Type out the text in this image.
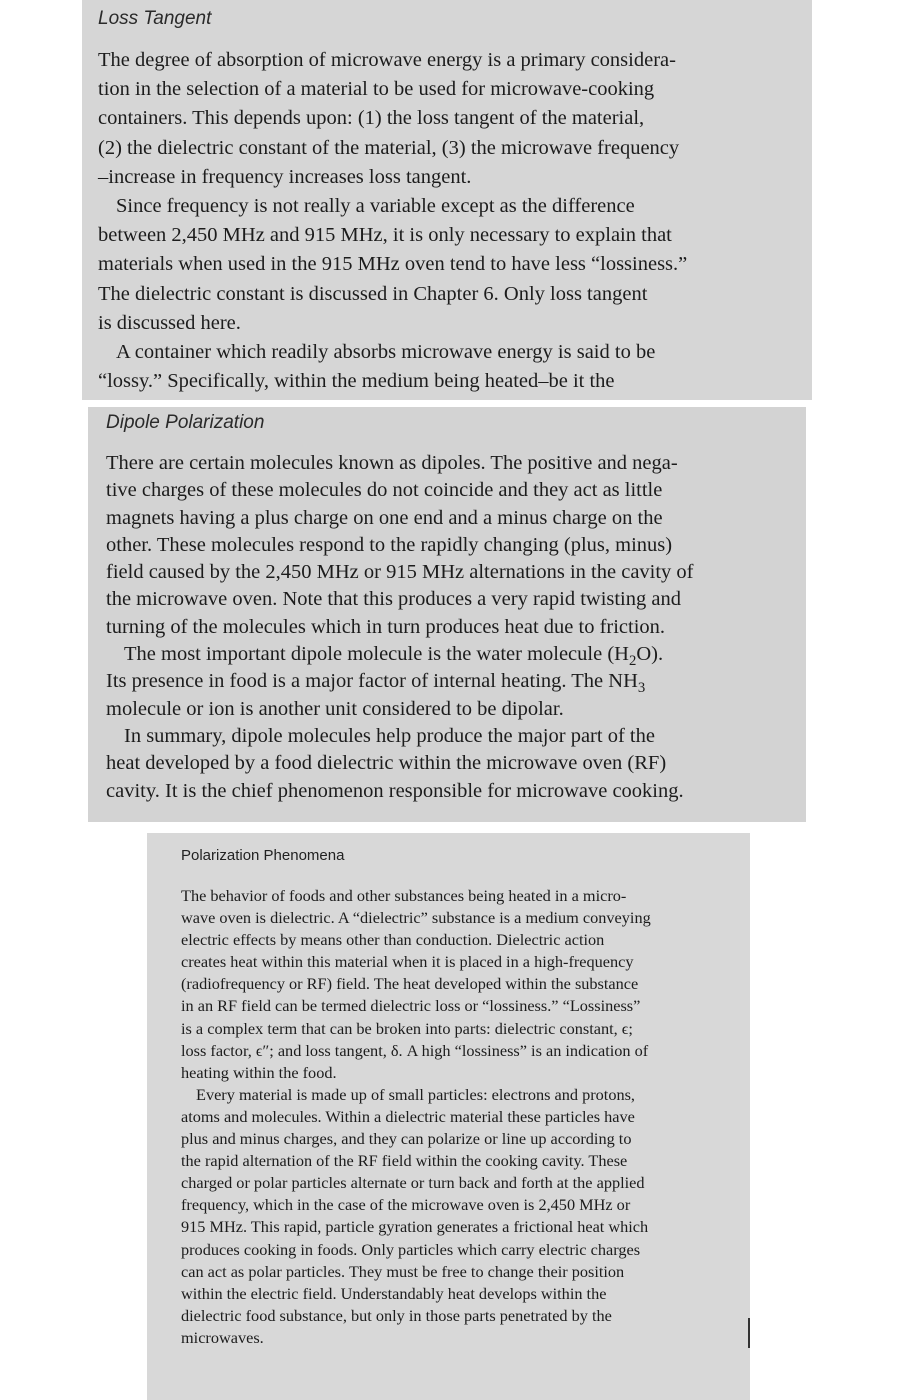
Loss Tangent
The degree of absorption of microwave energy is a primary considera-
tion in the selection of a material to be used for microwave-cooking
containers. This depends upon: (1) the loss tangent of the material,
(2) the dielectric constant of the material, (3) the microwave frequency
–increase in frequency increases loss tangent.
Since frequency is not really a variable except as the difference
between 2,450 MHz and 915 MHz, it is only necessary to explain that
materials when used in the 915 MHz oven tend to have less “lossiness.”
The dielectric constant is discussed in Chapter 6. Only loss tangent
is discussed here.
A container which readily absorbs microwave energy is said to be
“lossy.” Specifically, within the medium being heated–be it the
Dipole Polarization
There are certain molecules known as dipoles. The positive and nega-
tive charges of these molecules do not coincide and they act as little
magnets having a plus charge on one end and a minus charge on the
other. These molecules respond to the rapidly changing (plus, minus)
field caused by the 2,450 MHz or 915 MHz alternations in the cavity of
the microwave oven. Note that this produces a very rapid twisting and
turning of the molecules which in turn produces heat due to friction.
The most important dipole molecule is the water molecule $(H_2O)$.
Its presence in food is a major factor of internal heating. The $NH_3$
molecule or ion is another unit considered to be dipolar.
In summary, dipole molecules help produce the major part of the
heat developed by a food dielectric within the microwave oven (RF)
cavity. It is the chief phenomenon responsible for microwave cooking.
Polarization Phenomena
The behavior of foods and other substances being heated in a micro-
wave oven is dielectric. A “dielectric” substance is a medium conveying
electric effects by means other than conduction. Dielectric action
creates heat within this material when it is placed in a high-frequency
(radiofrequency or RF) field. The heat developed within the substance
in an RF field can be termed dielectric loss or “lossiness.” “Lossiness”
is a complex term that can be broken into parts: dielectric constant, ϵ;
loss factor, ϵ″; and loss tangent, δ. A high “lossiness” is an indication of
heating within the food.
Every material is made up of small particles: electrons and protons,
atoms and molecules. Within a dielectric material these particles have
plus and minus charges, and they can polarize or line up according to
the rapid alternation of the RF field within the cooking cavity. These
charged or polar particles alternate or turn back and forth at the applied
frequency, which in the case of the microwave oven is 2,450 MHz or
915 MHz. This rapid, particle gyration generates a frictional heat which
produces cooking in foods. Only particles which carry electric charges
can act as polar particles. They must be free to change their position
within the electric field. Understandably heat develops within the
dielectric food substance, but only in those parts penetrated by the
microwaves.
